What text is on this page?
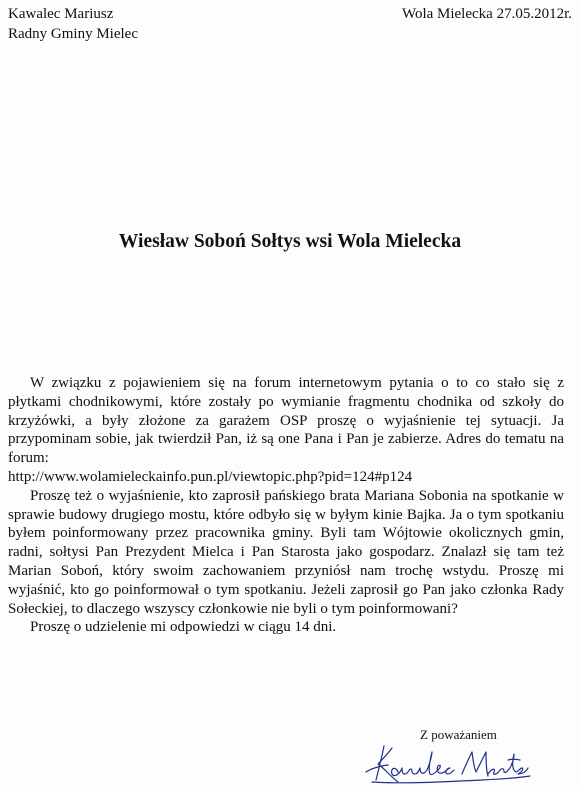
Kawalec Mariusz
Radny Gminy Mielec
Wola Mielecka 27.05.2012r.
Wiesław Soboń Sołtys wsi Wola Mielecka

W związku z pojawieniem się na forum internetowym pytania o to co stało się z płytkami chodnikowymi, które zostały po wymianie fragmentu chodnika od szkoły do krzyżówki, a były złożone za garażem OSP proszę o wyjaśnienie tej sytuacji. Ja przypominam sobie, jak twierdził Pan, iż są one Pana i Pan je zabierze. Adres do tematu na forum:

http://www.wolamieleckainfo.pun.pl/viewtopic.php?pid=124#p124

Proszę też o wyjaśnienie, kto zaprosił pańskiego brata Mariana Sobonia na spotkanie w sprawie budowy drugiego mostu, które odbyło się w byłym kinie Bajka. Ja o tym spotkaniu byłem poinformowany przez pracownika gminy. Byli tam Wójtowie okolicznych gmin, radni, sołtysi Pan Prezydent Mielca i Pan Starosta jako gospodarz. Znalazł się tam też Marian Soboń, który swoim zachowaniem przyniósł nam trochę wstydu. Proszę mi wyjaśnić, kto go poinformował o tym spotkaniu. Jeżeli zaprosił go Pan jako członka Rady Sołeckiej, to dlaczego wszyscy członkowie nie byli o tym poinformowani?

Proszę o udzielenie mi odpowiedzi w ciągu 14 dni.

Z poważaniem
